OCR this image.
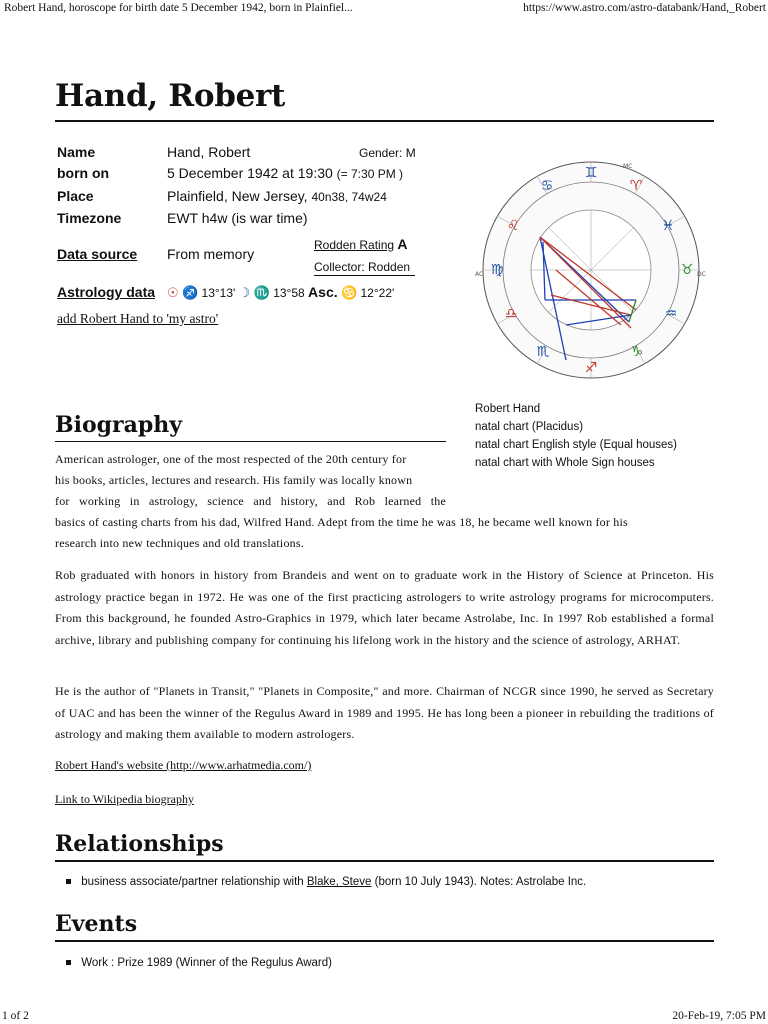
Robert Hand, horoscope for birth date 5 December 1942, born in Plainfiel...	https://www.astro.com/astro-databank/Hand,_Robert
Hand, Robert
Name	Hand, Robert	Gender: M
born on	5 December 1942 at 19:30 (= 7:30 PM )
Place	Plainfield, New Jersey, 40n38, 74w24
Timezone	EWT h4w (is war time)
Data source From memory
Rodden Rating A
Collector: Rodden
Astrology data ☉ ♐ 13°13' ☽ ♏ 13°58 Asc. ♋ 12°22'
add Robert Hand to 'my astro'
♊
♈
♓
♉
♒
♑
♐
♏
♎
♍
♌
♋
MC
AC	DC
Robert Hand
natal chart (Placidus)
natal chart English style (Equal houses)
natal chart with Whole Sign houses
Biography
American astrologer, one of the most respected of the 20th century for
his books, articles, lectures and research. His family was locally known
for working in astrology, science and history, and Rob learned the
basics of casting charts from his dad, Wilfred Hand. Adept from the time he was 18, he became well known for his
research into new techniques and old translations.
Rob graduated with honors in history from Brandeis and went on to graduate work in the History of Science at Princeton. His astrology practice began in 1972. He was one of the first practicing astrologers to write astrology programs for microcomputers. From this background, he founded Astro-Graphics in 1979, which later became Astrolabe, Inc. In 1997 Rob established a formal archive, library and publishing company for continuing his lifelong work in the history and the science of astrology, ARHAT.
He is the author of "Planets in Transit," "Planets in Composite," and more. Chairman of NCGR since 1990, he served as Secretary of UAC and has been the winner of the Regulus Award in 1989 and 1995. He has long been a pioneer in rebuilding the traditions of astrology and making them available to modern astrologers.
Robert Hand's website (http://www.arhatmedia.com/)
Link to Wikipedia biography
Relationships
business associate/partner relationship with Blake, Steve (born 10 July 1943). Notes: Astrolabe Inc.
Events
Work : Prize 1989 (Winner of the Regulus Award)
1 of 2	20-Feb-19, 7:05 PM
